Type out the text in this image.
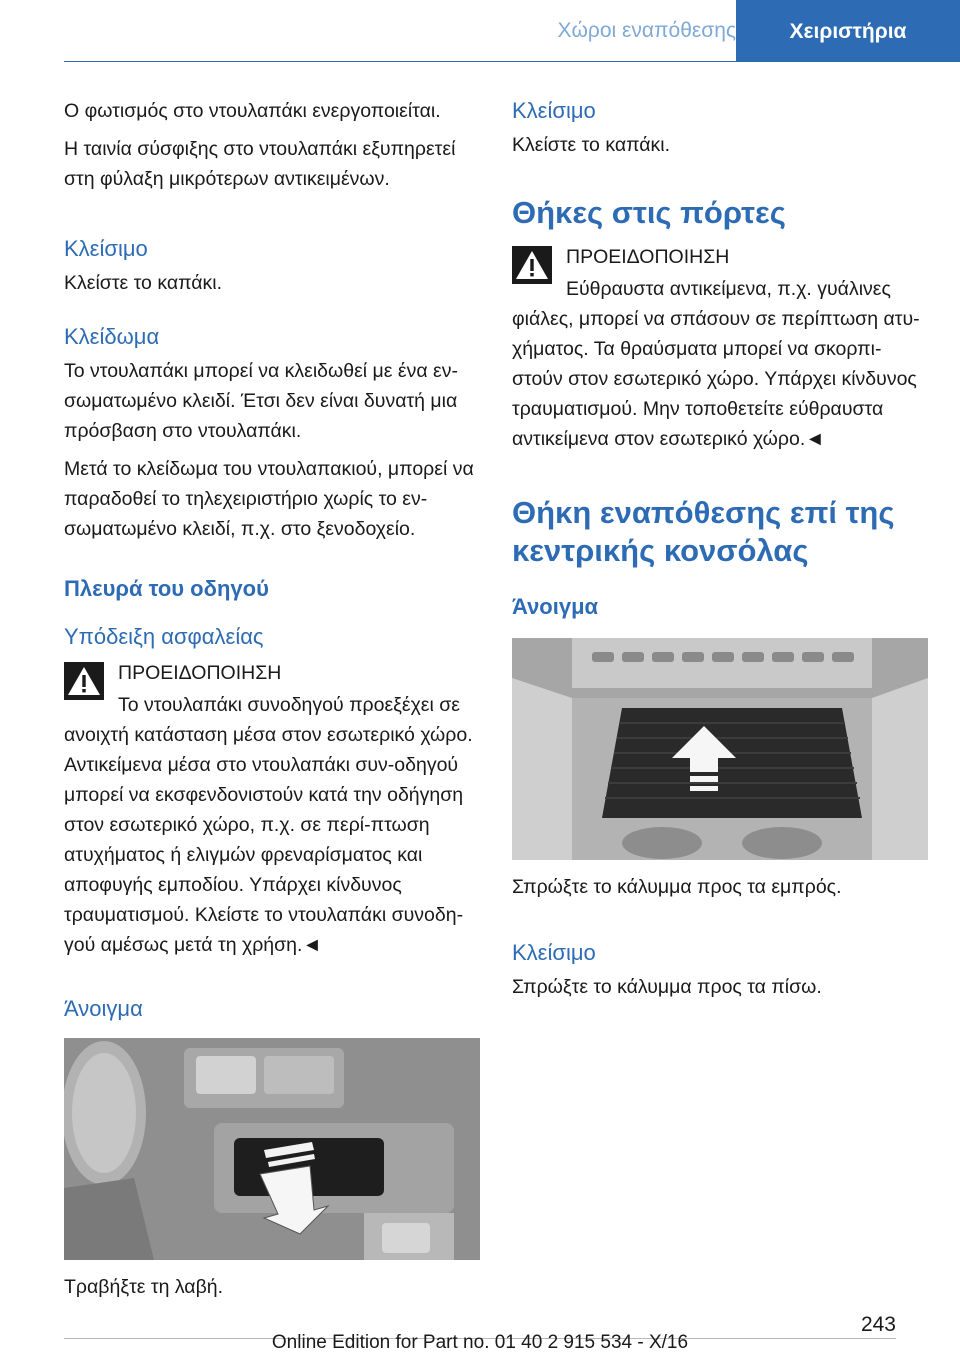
Χώροι εναπόθεσης	Χειριστήρια

Ο φωτισμός στο ντουλαπάκι ενεργοποιείται.

Η ταινία σύσφιξης στο ντουλαπάκι εξυπηρετεί στη φύλαξη μικρότερων αντικειμένων.

Κλείσιμο

Κλείστε το καπάκι.

Κλείδωμα

Το ντουλαπάκι μπορεί να κλειδωθεί με ένα εν-σωματωμένο κλειδί. Έτσι δεν είναι δυνατή μια πρόσβαση στο ντουλαπάκι.

Μετά το κλείδωμα του ντουλαπακιού, μπορεί να παραδοθεί το τηλεχειριστήριο χωρίς το εν-σωματωμένο κλειδί, π.χ. στο ξενοδοχείο.

Πλευρά του οδηγού
Υπόδειξη ασφαλείας

ΠΡΟΕΙΔΟΠΟΙΗΣΗ

Το ντουλαπάκι συνοδηγού προεξέχει σε

ανοιχτή κατάσταση μέσα στον εσωτερικό χώρο. Αντικείμενα μέσα στο ντουλαπάκι συν-οδηγού μπορεί να εκσφενδονιστούν κατά την οδήγηση στον εσωτερικό χώρο, π.χ. σε περί-πτωση ατυχήματος ή ελιγμών φρεναρίσματος και αποφυγής εμποδίου. Υπάρχει κίνδυνος τραυματισμού. Κλείστε το ντουλαπάκι συνοδη-γού αμέσως μετά τη χρήση.◄

Άνοιγμα

Τραβήξτε τη λαβή.

Κλείσιμο

Κλείστε το καπάκι.

Θήκες στις πόρτες

ΠΡΟΕΙΔΟΠΟΙΗΣΗ

Εύθραυστα αντικείμενα, π.χ. γυάλινες

φιάλες, μπορεί να σπάσουν σε περίπτωση ατυ-χήματος. Τα θραύσματα μπορεί να σκορπι-στούν στον εσωτερικό χώρο. Υπάρχει κίνδυνος τραυματισμού. Μην τοποθετείτε εύθραυστα αντικείμενα στον εσωτερικό χώρο.◄

Θήκη εναπόθεσης επί της κεντρικής κονσόλας
Άνοιγμα

Σπρώξτε το κάλυμμα προς τα εμπρός.

Κλείσιμο

Σπρώξτε το κάλυμμα προς τα πίσω.

243
Online Edition for Part no. 01 40 2 915 534 - X/16
